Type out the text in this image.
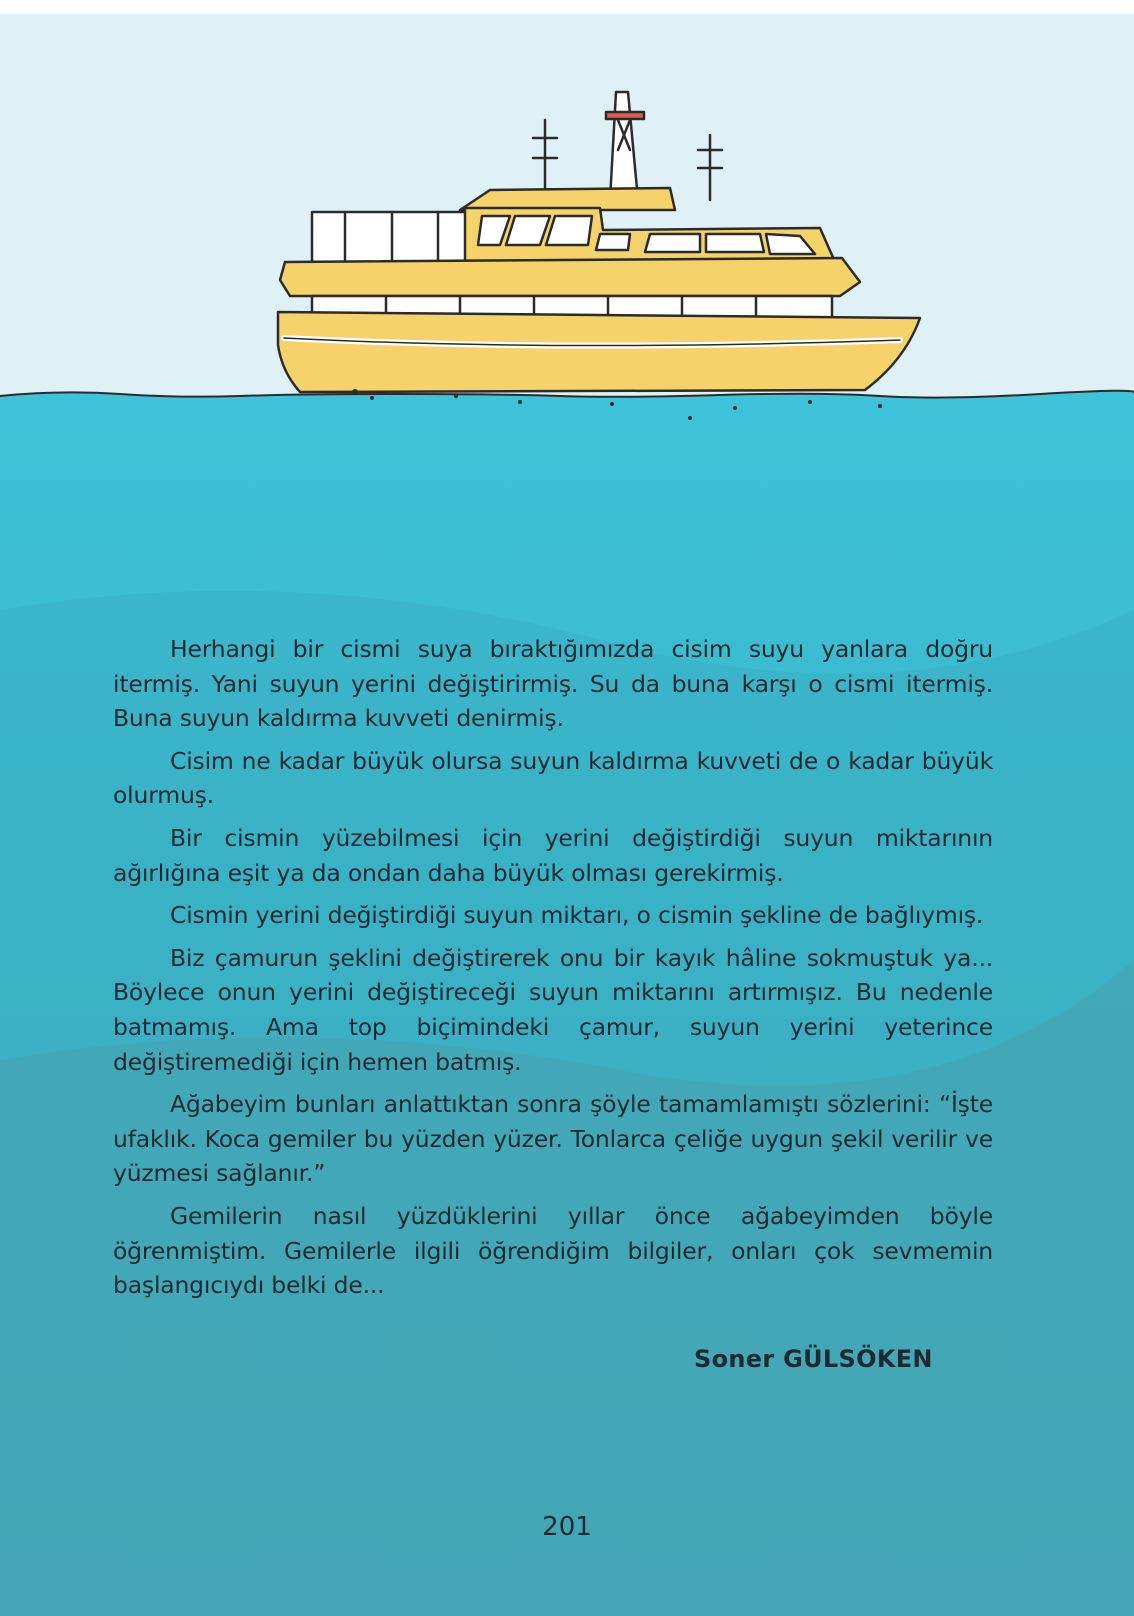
Herhangi bir cismi suya bıraktığımızda cisim suyu yanlara doğru itermiş. Yani suyun yerini değiştirirmiş. Su da buna karşı o cismi itermiş. Buna suyun kaldırma kuvveti denirmiş.

Cisim ne kadar büyük olursa suyun kaldırma kuvveti de o kadar büyük olurmuş.

Bir cismin yüzebilmesi için yerini değiştirdiği suyun miktarının ağırlığına eşit ya da ondan daha büyük olması gerekirmiş.

Cismin yerini değiştirdiği suyun miktarı, o cismin şekline de bağlıymış.

Biz çamurun şeklini değiştirerek onu bir kayık hâline sokmuştuk ya... Böylece onun yerini değiştireceği suyun miktarını artırmışız. Bu nedenle batmamış. Ama top biçimindeki çamur, suyun yerini yeterince değiştiremediği için hemen batmış.

Ağabeyim bunları anlattıktan sonra şöyle tamamlamıştı sözlerini: “İşte ufaklık. Koca gemiler bu yüzden yüzer. Tonlarca çeliğe uygun şekil verilir ve yüzmesi sağlanır.”

Gemilerin nasıl yüzdüklerini yıllar önce ağabeyimden böyle öğrenmiştim. Gemilerle ilgili öğrendiğim bilgiler, onları çok sevmemin başlangıcıydı belki de...

Soner GÜLSÖKEN
201
